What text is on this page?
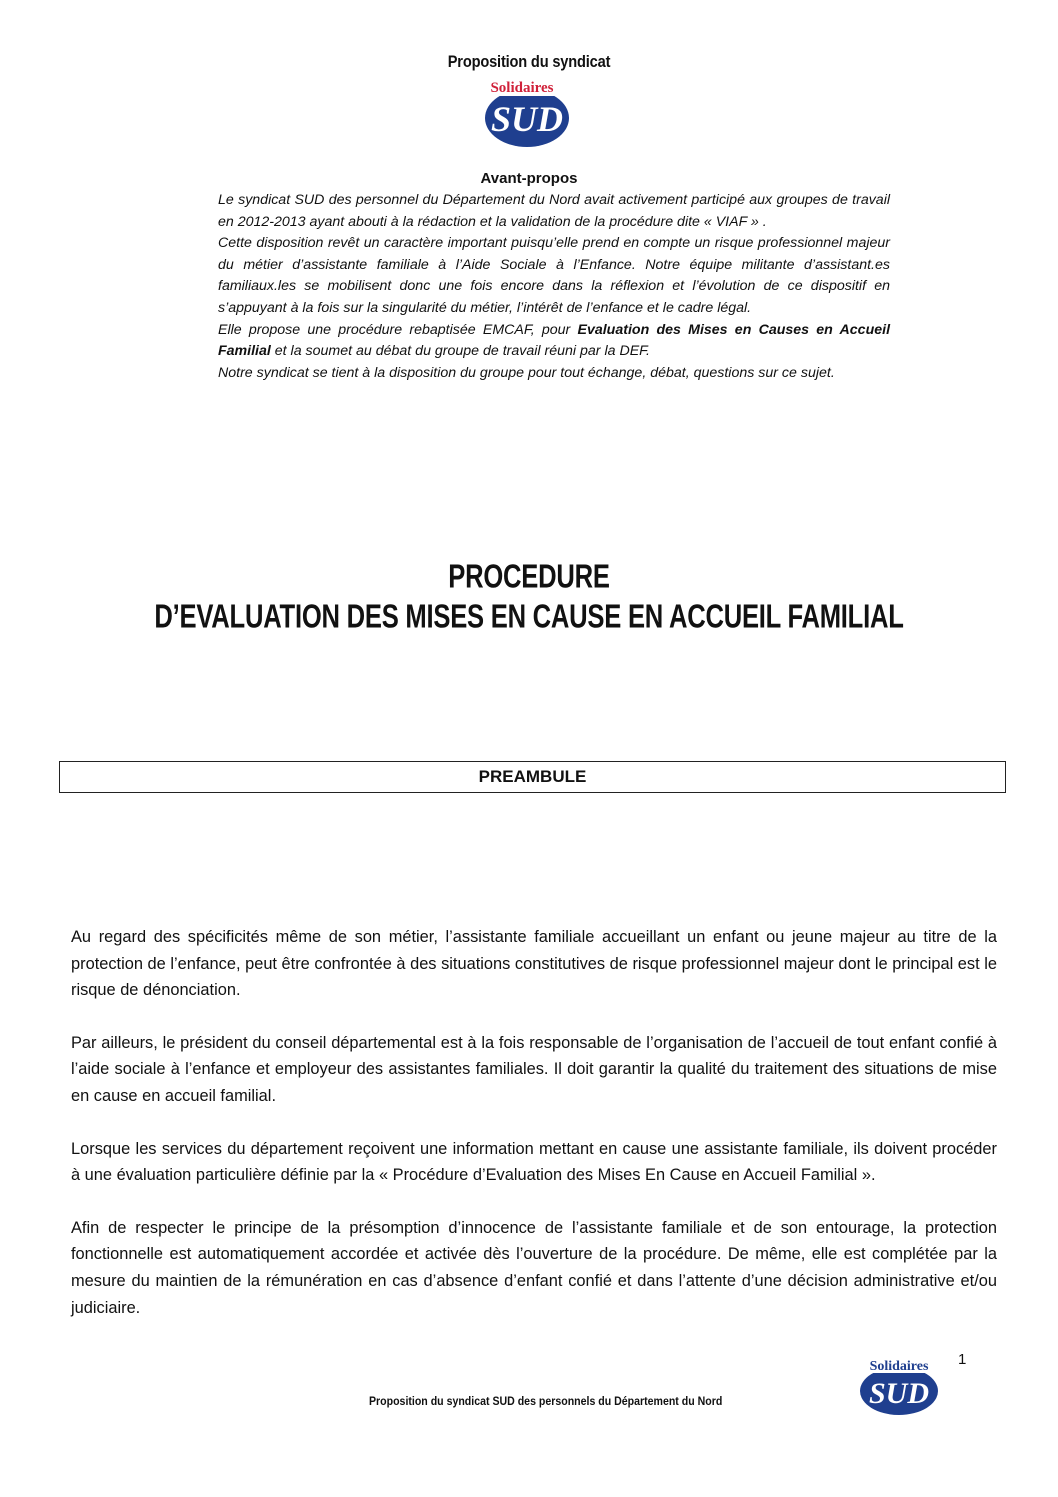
Proposition du syndicat
SUD
Solidaires
Avant-propos

Le syndicat SUD des personnel du Département du Nord avait activement participé aux groupes de travail en 2012-2013 ayant abouti à la rédaction et la validation de la procédure dite « VIAF » .

Cette disposition revêt un caractère important puisqu’elle prend en compte un risque professionnel majeur du métier d’assistante familiale à l’Aide Sociale à l’Enfance. Notre équipe militante d’assistant.es familiaux.les se mobilisent donc une fois encore dans la réflexion et l’évolution de ce dispositif en s’appuyant à la fois sur la singularité du métier, l’intérêt de l’enfance et le cadre légal.

Elle propose une procédure rebaptisée EMCAF, pour Evaluation des Mises en Causes en Accueil Familial et la soumet au débat du groupe de travail réuni par la DEF.

Notre syndicat se tient à la disposition du groupe pour tout échange, débat, questions sur ce sujet.

PROCEDURE
D’EVALUATION DES MISES EN CAUSE EN ACCUEIL FAMILIAL
PREAMBULE

Au regard des spécificités même de son métier, l’assistante familiale accueillant un enfant ou jeune majeur au titre de la protection de l’enfance, peut être confrontée à des situations constitutives de risque professionnel majeur dont le principal est le risque de dénonciation.

Par ailleurs, le président du conseil départemental est à la fois responsable de l’organisation de l’accueil de tout enfant confié à l’aide sociale à l’enfance et employeur des assistantes familiales. Il doit garantir la qualité du traitement des situations de mise en cause en accueil familial.

Lorsque les services du département reçoivent une information mettant en cause une assistante familiale, ils doivent procéder à une évaluation particulière définie par la « Procédure d’Evaluation des Mises En Cause en Accueil Familial ».

Afin de respecter le principe de la présomption d’innocence de l’assistante familiale et de son entourage, la protection fonctionnelle est automatiquement accordée et activée dès l’ouverture de la procédure. De même, elle est complétée par la mesure du maintien de la rémunération en cas d’absence d’enfant confié et dans l’attente d’une décision administrative et/ou judiciaire.

1
SUD
Solidaires
Proposition du syndicat SUD des personnels du Département du Nord
